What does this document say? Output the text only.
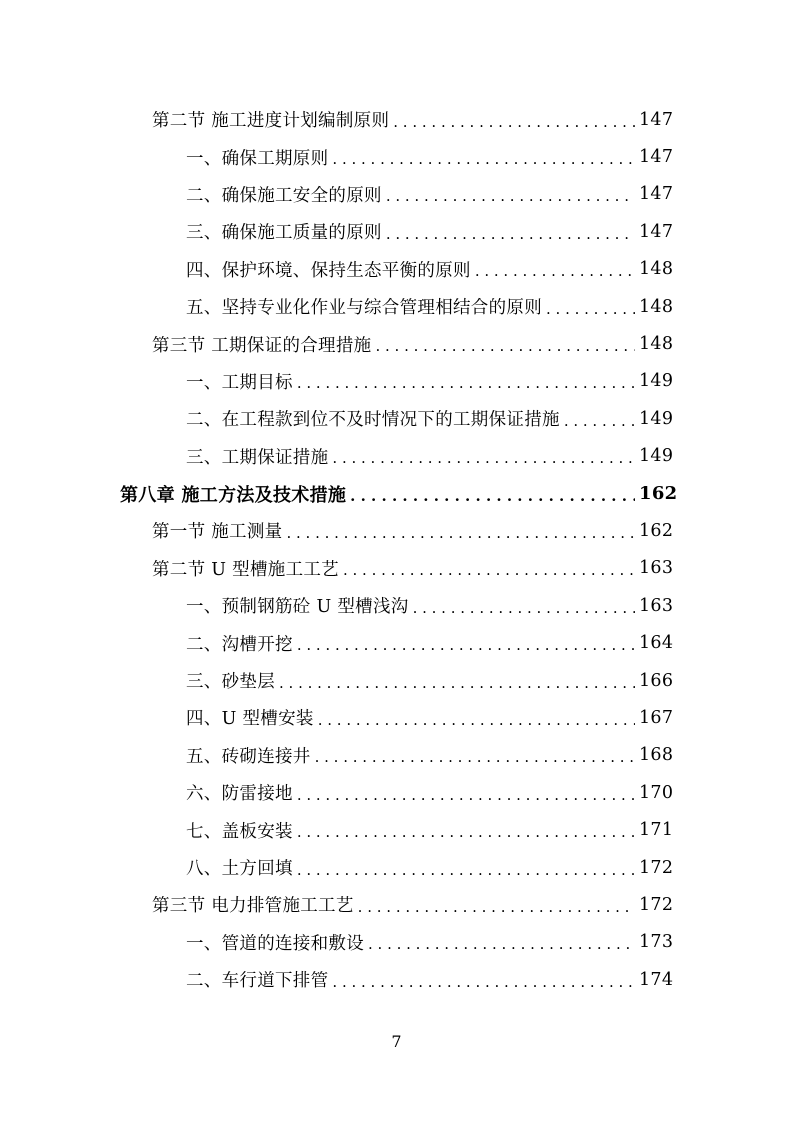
第二节 施工进度计划编制原则 . . .	147
一、确保工期原则 . . .	147
二、确保施工安全的原则 . . .	147
三、确保施工质量的原则 . . .	147
四、保护环境、保持生态平衡的原则 . . .	148
五、坚持专业化作业与综合管理相结合的原则 . . .	148
第三节 工期保证的合理措施 . . .	148
一、工期目标 . . .	149
二、在工程款到位不及时情况下的工期保证措施 . . .	149
三、工期保证措施 . . .	149
第八章 施工方法及技术措施 . . .	162
第一节 施工测量 . . .	162
第二节 U 型槽施工工艺 . . .	163
一、预制钢筋砼 U 型槽浅沟 . . .	163
二、沟槽开挖 . . .	164
三、砂垫层 . . .	166
四、U 型槽安装 . . .	167
五、砖砌连接井 . . .	168
六、防雷接地 . . .	170
七、盖板安装 . . .	171
八、土方回填 . . .	172
第三节 电力排管施工工艺 . . .	172
一、管道的连接和敷设 . . .	173
二、车行道下排管 . . .	174
7
